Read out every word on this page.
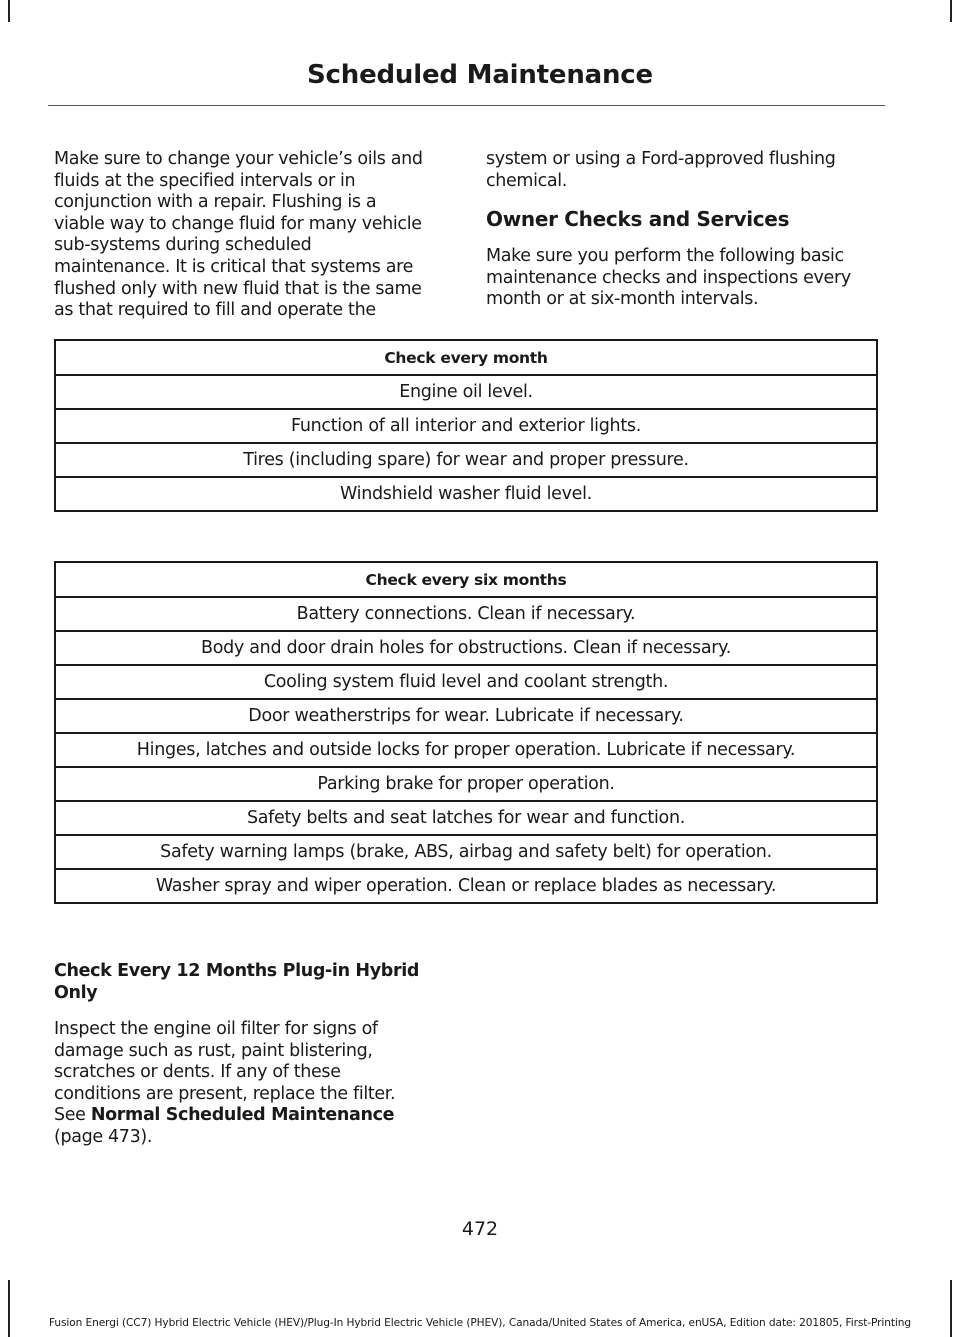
Scheduled Maintenance

Make sure to change your vehicle’s oils and
fluids at the specified intervals or in
conjunction with a repair. Flushing is a
viable way to change fluid for many vehicle
sub-systems during scheduled
maintenance. It is critical that systems are
flushed only with new fluid that is the same
as that required to fill and operate the

system or using a Ford-approved flushing
chemical.

Owner Checks and Services

Make sure you perform the following basic
maintenance checks and inspections every
month or at six-month intervals.

Check every month
Engine oil level.
Function of all interior and exterior lights.
Tires (including spare) for wear and proper pressure.
Windshield washer fluid level.
Check every six months
Battery connections. Clean if necessary.
Body and door drain holes for obstructions. Clean if necessary.
Cooling system fluid level and coolant strength.
Door weatherstrips for wear. Lubricate if necessary.
Hinges, latches and outside locks for proper operation. Lubricate if necessary.
Parking brake for proper operation.
Safety belts and seat latches for wear and function.
Safety warning lamps (brake, ABS, airbag and safety belt) for operation.
Washer spray and wiper operation. Clean or replace blades as necessary.
Check Every 12 Months Plug-in Hybrid
Only

Inspect the engine oil filter for signs of
damage such as rust, paint blistering,
scratches or dents. If any of these
conditions are present, replace the filter.
See Normal Scheduled Maintenance
(page 473).

472
Fusion Energi (CC7) Hybrid Electric Vehicle (HEV)/Plug-In Hybrid Electric Vehicle (PHEV), Canada/United States of America, enUSA, Edition date: 201805, First-Printing
